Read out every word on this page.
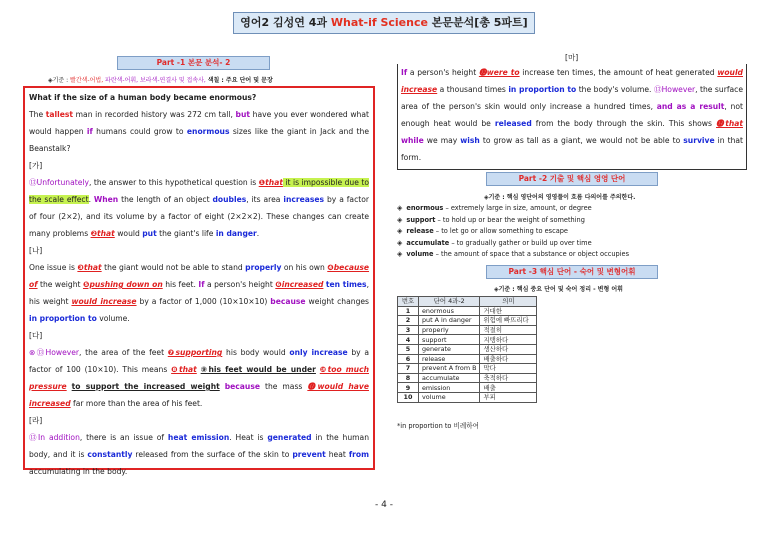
영어2 김성연 4과 What-if Science 본문분석[총 5파트]
Part -1 본문 분석- 2
◈기준 : 빨간색-어법, 파란색-어휘, 보라색-연결사 및 접속사, 색칠 : 주요 단어 및 문장

What if the size of a human body became enormous?

The tallest man in recorded history was 272 cm tall, but have you ever wondered what would happen if humans could grow to enormous sizes like the giant in Jack and the Beanstalk?

[가]

⑬Unfortunately, the answer to this hypothetical question is ❶that it is impossible due to the scale effect. When the length of an object doubles, its area increases by a factor of four (2×2), and its volume by a factor of eight (2×2×2). These changes can create many problems ❷that would put the giant's life in danger.

[나]

One issue is ❸that the giant would not be able to stand properly on his own ❹because of the weight ❺pushing down on his feet. If a person's height ❻increased ten times, his weight would increase by a factor of 1,000 (10×10×10) because weight changes in proportion to volume.

[다]

⊗⑬However, the area of the feet ❼supporting his body would only increase by a factor of 100 (10×10). This means ❽that ⑨his feet would be under ❿too much pressure to support the increased weight because the mass ⓫would have increased far more than the area of his feet.

[라]

⑬In addition, there is an issue of heat emission. Heat is generated in the human body, and it is constantly released from the surface of the skin to prevent heat from accumulating in the body.

[마]

If a person's height ⓬were to increase ten times, the amount of heat generated would increase a thousand times in proportion to the body's volume. ⑬However, the surface area of the person's skin would only increase a hundred times, and as a result, not enough heat would be released from the body through the skin. This shows ⓮that while we may wish to grow as tall as a giant, we would not be able to survive in that form.

Part -2 기출 및 핵심 영영 단어
◈기준 : 핵심 영단어의 영영풀이 흐름 다의어를 주의한다.
◈ enormous – extremely large in size, amount, or degree
◈ support – to hold up or bear the weight of something
◈ release – to let go or allow something to escape
◈ accumulate – to gradually gather or build up over time
◈ volume – the amount of space that a substance or object occupies
Part -3 핵심 단어 - 숙어 및 변형어휘
◈기준 : 핵심 중요 단어 및 숙어 정리 - 변형 어휘
번호	단어 4과-2	의미
1	enormous	거대한
2	put A in danger	위험에 빠뜨리다
3	properly	적절히
4	support	지탱하다
5	generate	생산하다
6	release	배출하다
7	prevent A from B	막다
8	accumulate	축적하다
9	emission	배출
10	volume	부피
*in proportion to 비례하여
- 4 -
